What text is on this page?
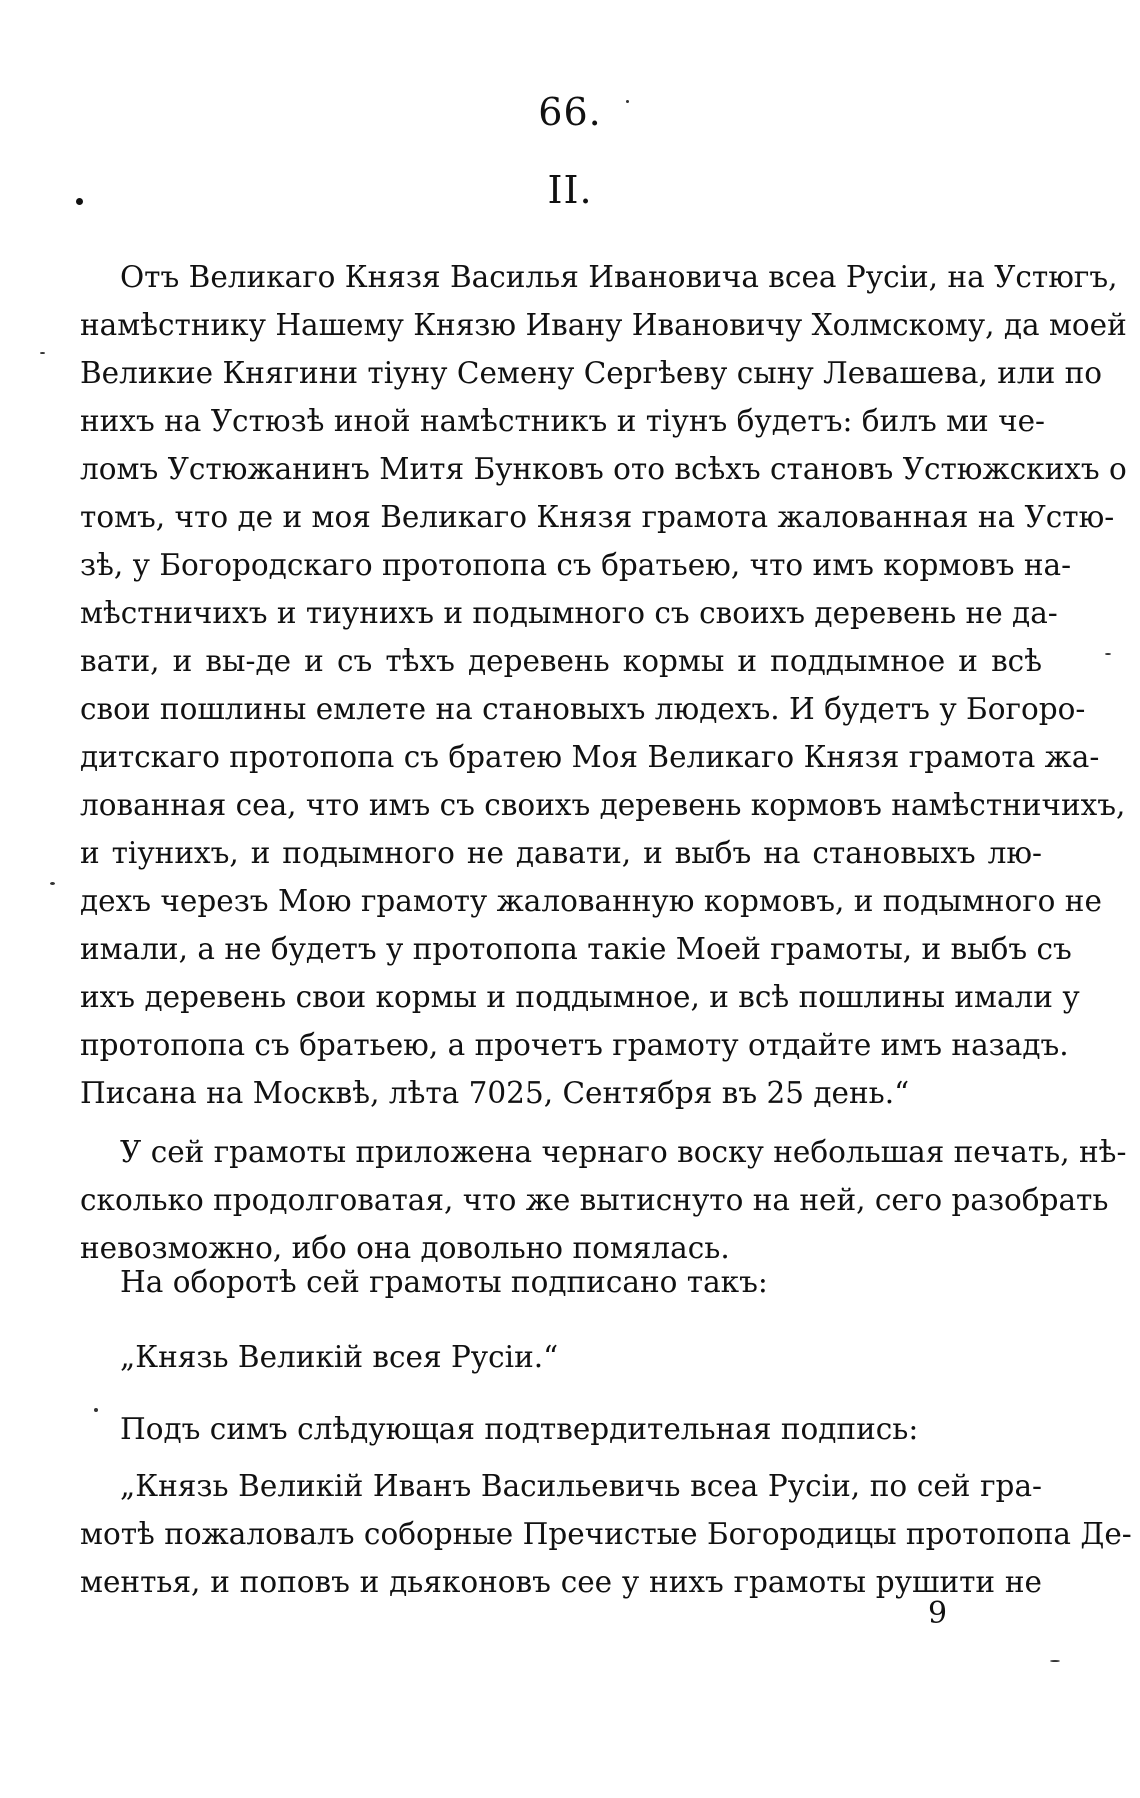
66.
II.
Отъ Великаго Князя Василья Ивановича всеа Русiи, на Устюгъ,
намѣстнику Нашему Князю Ивану Ивановичу Холмскому, да моей
Великие Княгини тiуну Семену Сергѣеву сыну Левашева, или по
нихъ на Устюзѣ иной намѣстникъ и тiунъ будетъ: билъ ми че-
ломъ Устюжанинъ Митя Бунковъ ото всѣхъ становъ Устюжскихъ о
томъ, что де и моя Великаго Князя грамота жалованная на Устю-
зѣ, у Богородскаго протопопа съ братьею, что имъ кормовъ на-
мѣстничихъ и тиунихъ и подымного съ своихъ деревень не да-
вати, и вы-де и съ тѣхъ деревень кормы и поддымное и всѣ
свои пошлины емлете на становыхъ людехъ. И будетъ у Богоро-
дитскаго протопопа съ братею Моя Великаго Князя грамота жа-
лованная сеа, что имъ съ своихъ деревень кормовъ намѣстничихъ,
и тiунихъ, и подымного не давати, и выбъ на становыхъ лю-
дехъ черезъ Мою грамоту жалованную кормовъ, и подымного не
имали, а не будетъ у протопопа такiе Моей грамоты, и выбъ съ
ихъ деревень свои кормы и поддымное, и всѣ пошлины имали у
протопопа съ братьею, а прочетъ грамоту отдайте имъ назадъ.
Писана на Москвѣ, лѣта 7025, Сентября въ 25 день.“
У сей грамоты приложена чернаго воску небольшая печать, нѣ-
сколько продолговатая, что же вытиснуто на ней, сего разобрать
невозможно, ибо она довольно помялась.
На оборотѣ сей грамоты подписано такъ:
„Князь Великiй всея Русiи.“
Подъ симъ слѣдующая подтвердительная подпись:
„Князь Великiй Иванъ Васильевичь всеа Русiи, по сей гра-
мотѣ пожаловалъ соборные Пречистые Богородицы протопопа Де-
ментья, и поповъ и дьяконовъ сее у нихъ грамоты рушити не
9
